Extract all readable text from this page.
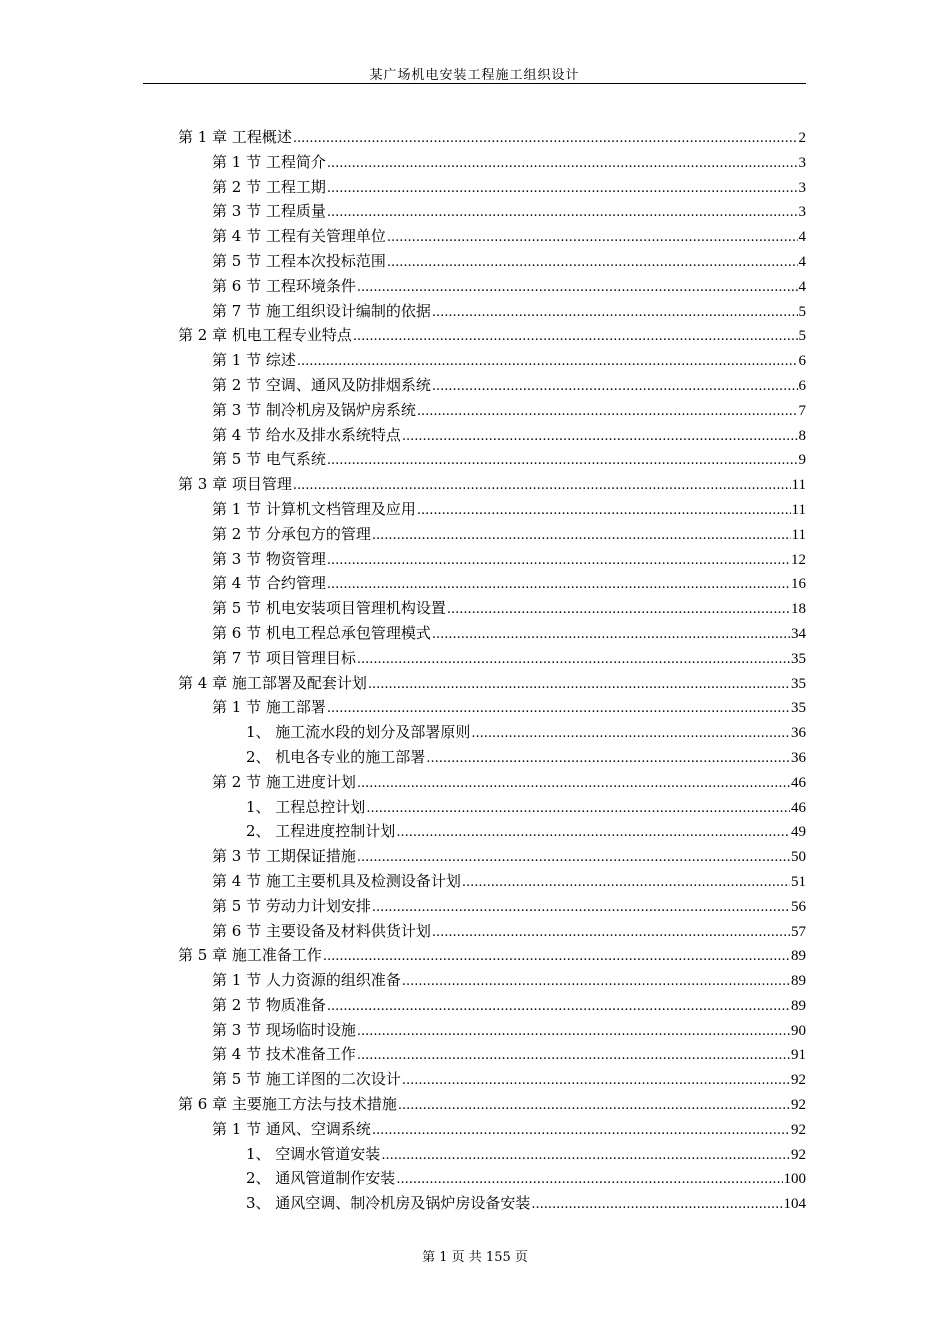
某广场机电安装工程施工组织设计
第 1 章 工程概述 .....	2
第 1 节 工程简介 .....	3
第 2 节 工程工期 .....	3
第 3 节 工程质量 .....	3
第 4 节 工程有关管理单位 .....	4
第 5 节 工程本次投标范围 .....	4
第 6 节 工程环境条件 .....	4
第 7 节 施工组织设计编制的依据 .....	5
第 2 章 机电工程专业特点 .....	5
第 1 节 综述 .....	6
第 2 节 空调、通风及防排烟系统 .....	6
第 3 节 制冷机房及锅炉房系统 .....	7
第 4 节 给水及排水系统特点 .....	8
第 5 节 电气系统 .....	9
第 3 章 项目管理 .....	11
第 1 节 计算机文档管理及应用 .....	11
第 2 节 分承包方的管理 .....	11
第 3 节 物资管理 .....	12
第 4 节 合约管理 .....	16
第 5 节 机电安装项目管理机构设置 .....	18
第 6 节 机电工程总承包管理模式 .....	34
第 7 节 项目管理目标 .....	35
第 4 章 施工部署及配套计划 .....	35
第 1 节 施工部署 .....	35
1、 施工流水段的划分及部署原则 .....	36
2、 机电各专业的施工部署 .....	36
第 2 节 施工进度计划 .....	46
1、 工程总控计划 .....	46
2、 工程进度控制计划 .....	49
第 3 节 工期保证措施 .....	50
第 4 节 施工主要机具及检测设备计划 .....	51
第 5 节 劳动力计划安排 .....	56
第 6 节 主要设备及材料供货计划 .....	57
第 5 章 施工准备工作 .....	89
第 1 节 人力资源的组织准备 .....	89
第 2 节 物质准备 .....	89
第 3 节 现场临时设施 .....	90
第 4 节 技术准备工作 .....	91
第 5 节 施工详图的二次设计 .....	92
第 6 章 主要施工方法与技术措施 .....	92
第 1 节 通风、空调系统 .....	92
1、 空调水管道安装 .....	92
2、 通风管道制作安装 .....	100
3、 通风空调、制冷机房及锅炉房设备安装 .....	104
第 1 页 共 155 页
